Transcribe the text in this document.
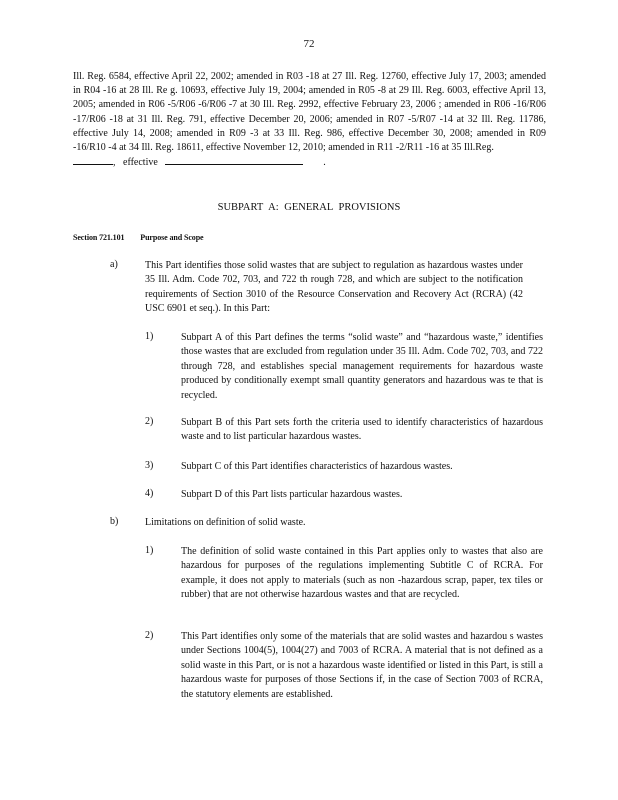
72
Ill. Reg. 6584, effective April 22, 2002; amended in R03 -18 at 27 Ill. Reg. 12760, effective July 17, 2003; amended in R04 -16 at 28 Ill. Re g. 10693, effective July 19, 2004; amended in R05 -8 at 29 Ill. Reg. 6003, effective April 13, 2005; amended in R06 -5/R06 -6/R06 -7 at 30 Ill. Reg. 2992, effective February 23, 2006 ; amended in R06 -16/R06 -17/R06 -18 at 31 Ill. Reg. 791, effective December 20, 2006; amended in R07 -5/R07 -14 at 32 Ill. Reg. 11786, effective July 14, 2008; amended in R09 -3 at 33 Ill. Reg. 986, effective December 30, 2008; amended in R09 -16/R10 -4 at 34 Ill. Reg. 18611, effective November 12, 2010; amended in R11 -2/R11 -16 at 35 Ill.Reg.
, effective	.
SUBPART A: GENERAL PROVISIONS
Section 721.101 Purpose and Scope
a)	This Part identifies those solid wastes that are subject to regulation as hazardous wastes under 35 Ill. Adm. Code 702, 703, and 722 th rough 728, and which are subject to the notification requirements of Section 3010 of the Resource Conservation and Recovery Act (RCRA) (42 USC 6901 et seq.). In this Part:
1)	Subpart A of this Part defines the terms “solid waste” and “hazardous waste,” identifies those wastes that are excluded from regulation under 35 Ill. Adm. Code 702, 703, and 722 through 728, and establishes special management requirements for hazardous waste produced by conditionally exempt small quantity generators and hazardous was te that is recycled.
2)	Subpart B of this Part sets forth the criteria used to identify characteristics of hazardous waste and to list particular hazardous wastes.
3)	Subpart C of this Part identifies characteristics of hazardous wastes.
4)	Subpart D of this Part lists particular hazardous wastes.
b)	Limitations on definition of solid waste.
1)	The definition of solid waste contained in this Part applies only to wastes that also are hazardous for purposes of the regulations implementing Subtitle C of RCRA. For example, it does not apply to materials (such as non -hazardous scrap, paper, tex tiles or rubber) that are not otherwise hazardous wastes and that are recycled.
2)	This Part identifies only some of the materials that are solid wastes and hazardou s wastes under Sections 1004(5), 1004(27) and 7003 of RCRA. A material that is not defined as a solid waste in this Part, or is not a hazardous waste identified or listed in this Part, is still a hazardous waste for purposes of those Sections if, in the case of Section 7003 of RCRA, the statutory elements are established.
